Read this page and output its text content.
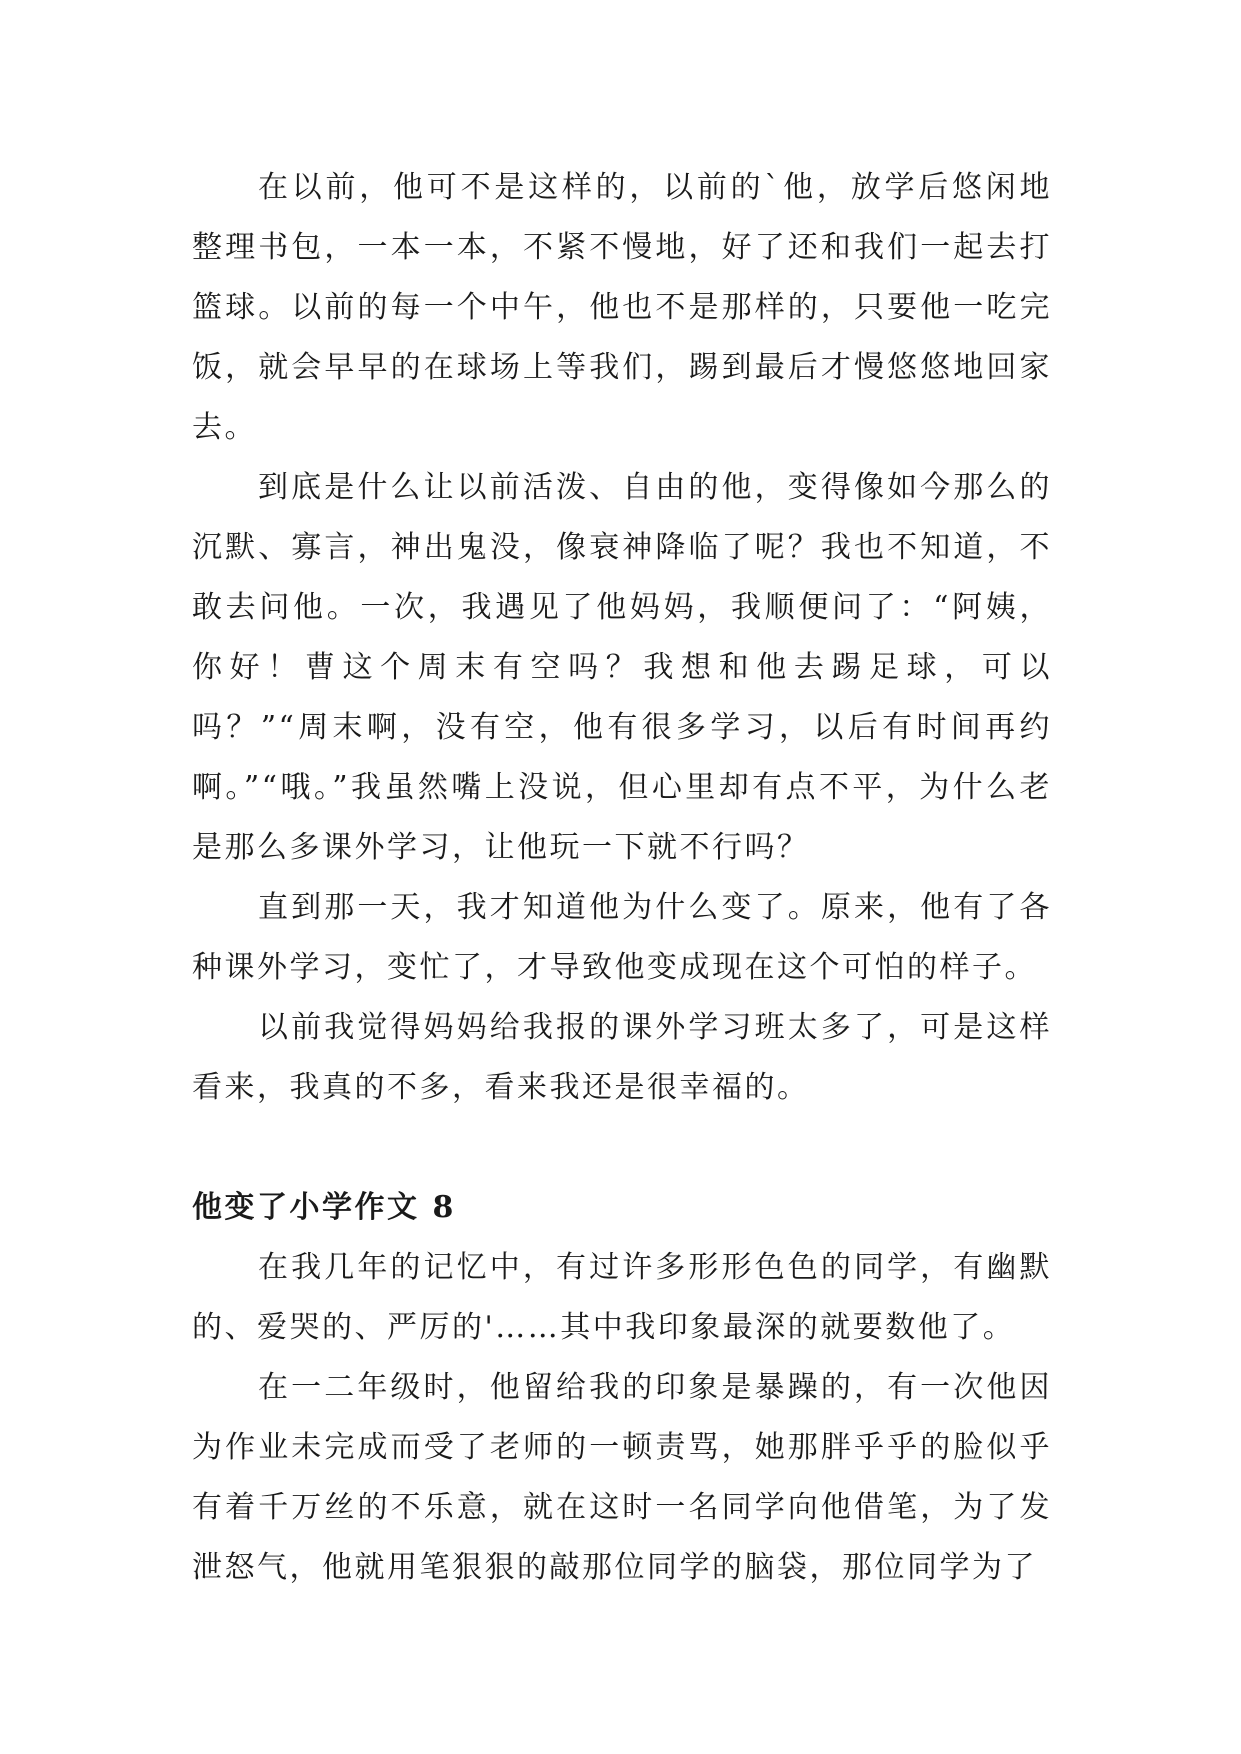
在以前，他可不是这样的，以前的`他，放学后悠闲地整理书包，一本一本，不紧不慢地，好了还和我们一起去打篮球。以前的每一个中午，他也不是那样的，只要他一吃完饭，就会早早的在球场上等我们，踢到最后才慢悠悠地回家去。

到底是什么让以前活泼、自由的他，变得像如今那么的沉默、寡言，神出鬼没，像衰神降临了呢？我也不知道，不敢去问他。一次，我遇见了他妈妈，我顺便问了：“阿姨，你好！曹这个周末有空吗？我想和他去踢足球，可以吗？”“周末啊，没有空，他有很多学习，以后有时间再约啊。”“哦。”我虽然嘴上没说，但心里却有点不平，为什么老是那么多课外学习，让他玩一下就不行吗？

直到那一天，我才知道他为什么变了。原来，他有了各种课外学习，变忙了，才导致他变成现在这个可怕的样子。

以前我觉得妈妈给我报的课外学习班太多了，可是这样看来，我真的不多，看来我还是很幸福的。

他变了小学作文 8

在我几年的记忆中，有过许多形形色色的同学，有幽默的、爱哭的、严厉的'……其中我印象最深的就要数他了。

在一二年级时，他留给我的印象是暴躁的，有一次他因为作业未完成而受了老师的一顿责骂，她那胖乎乎的脸似乎有着千万丝的不乐意，就在这时一名同学向他借笔，为了发泄怒气，他就用笔狠狠的敲那位同学的脑袋，那位同学为了
